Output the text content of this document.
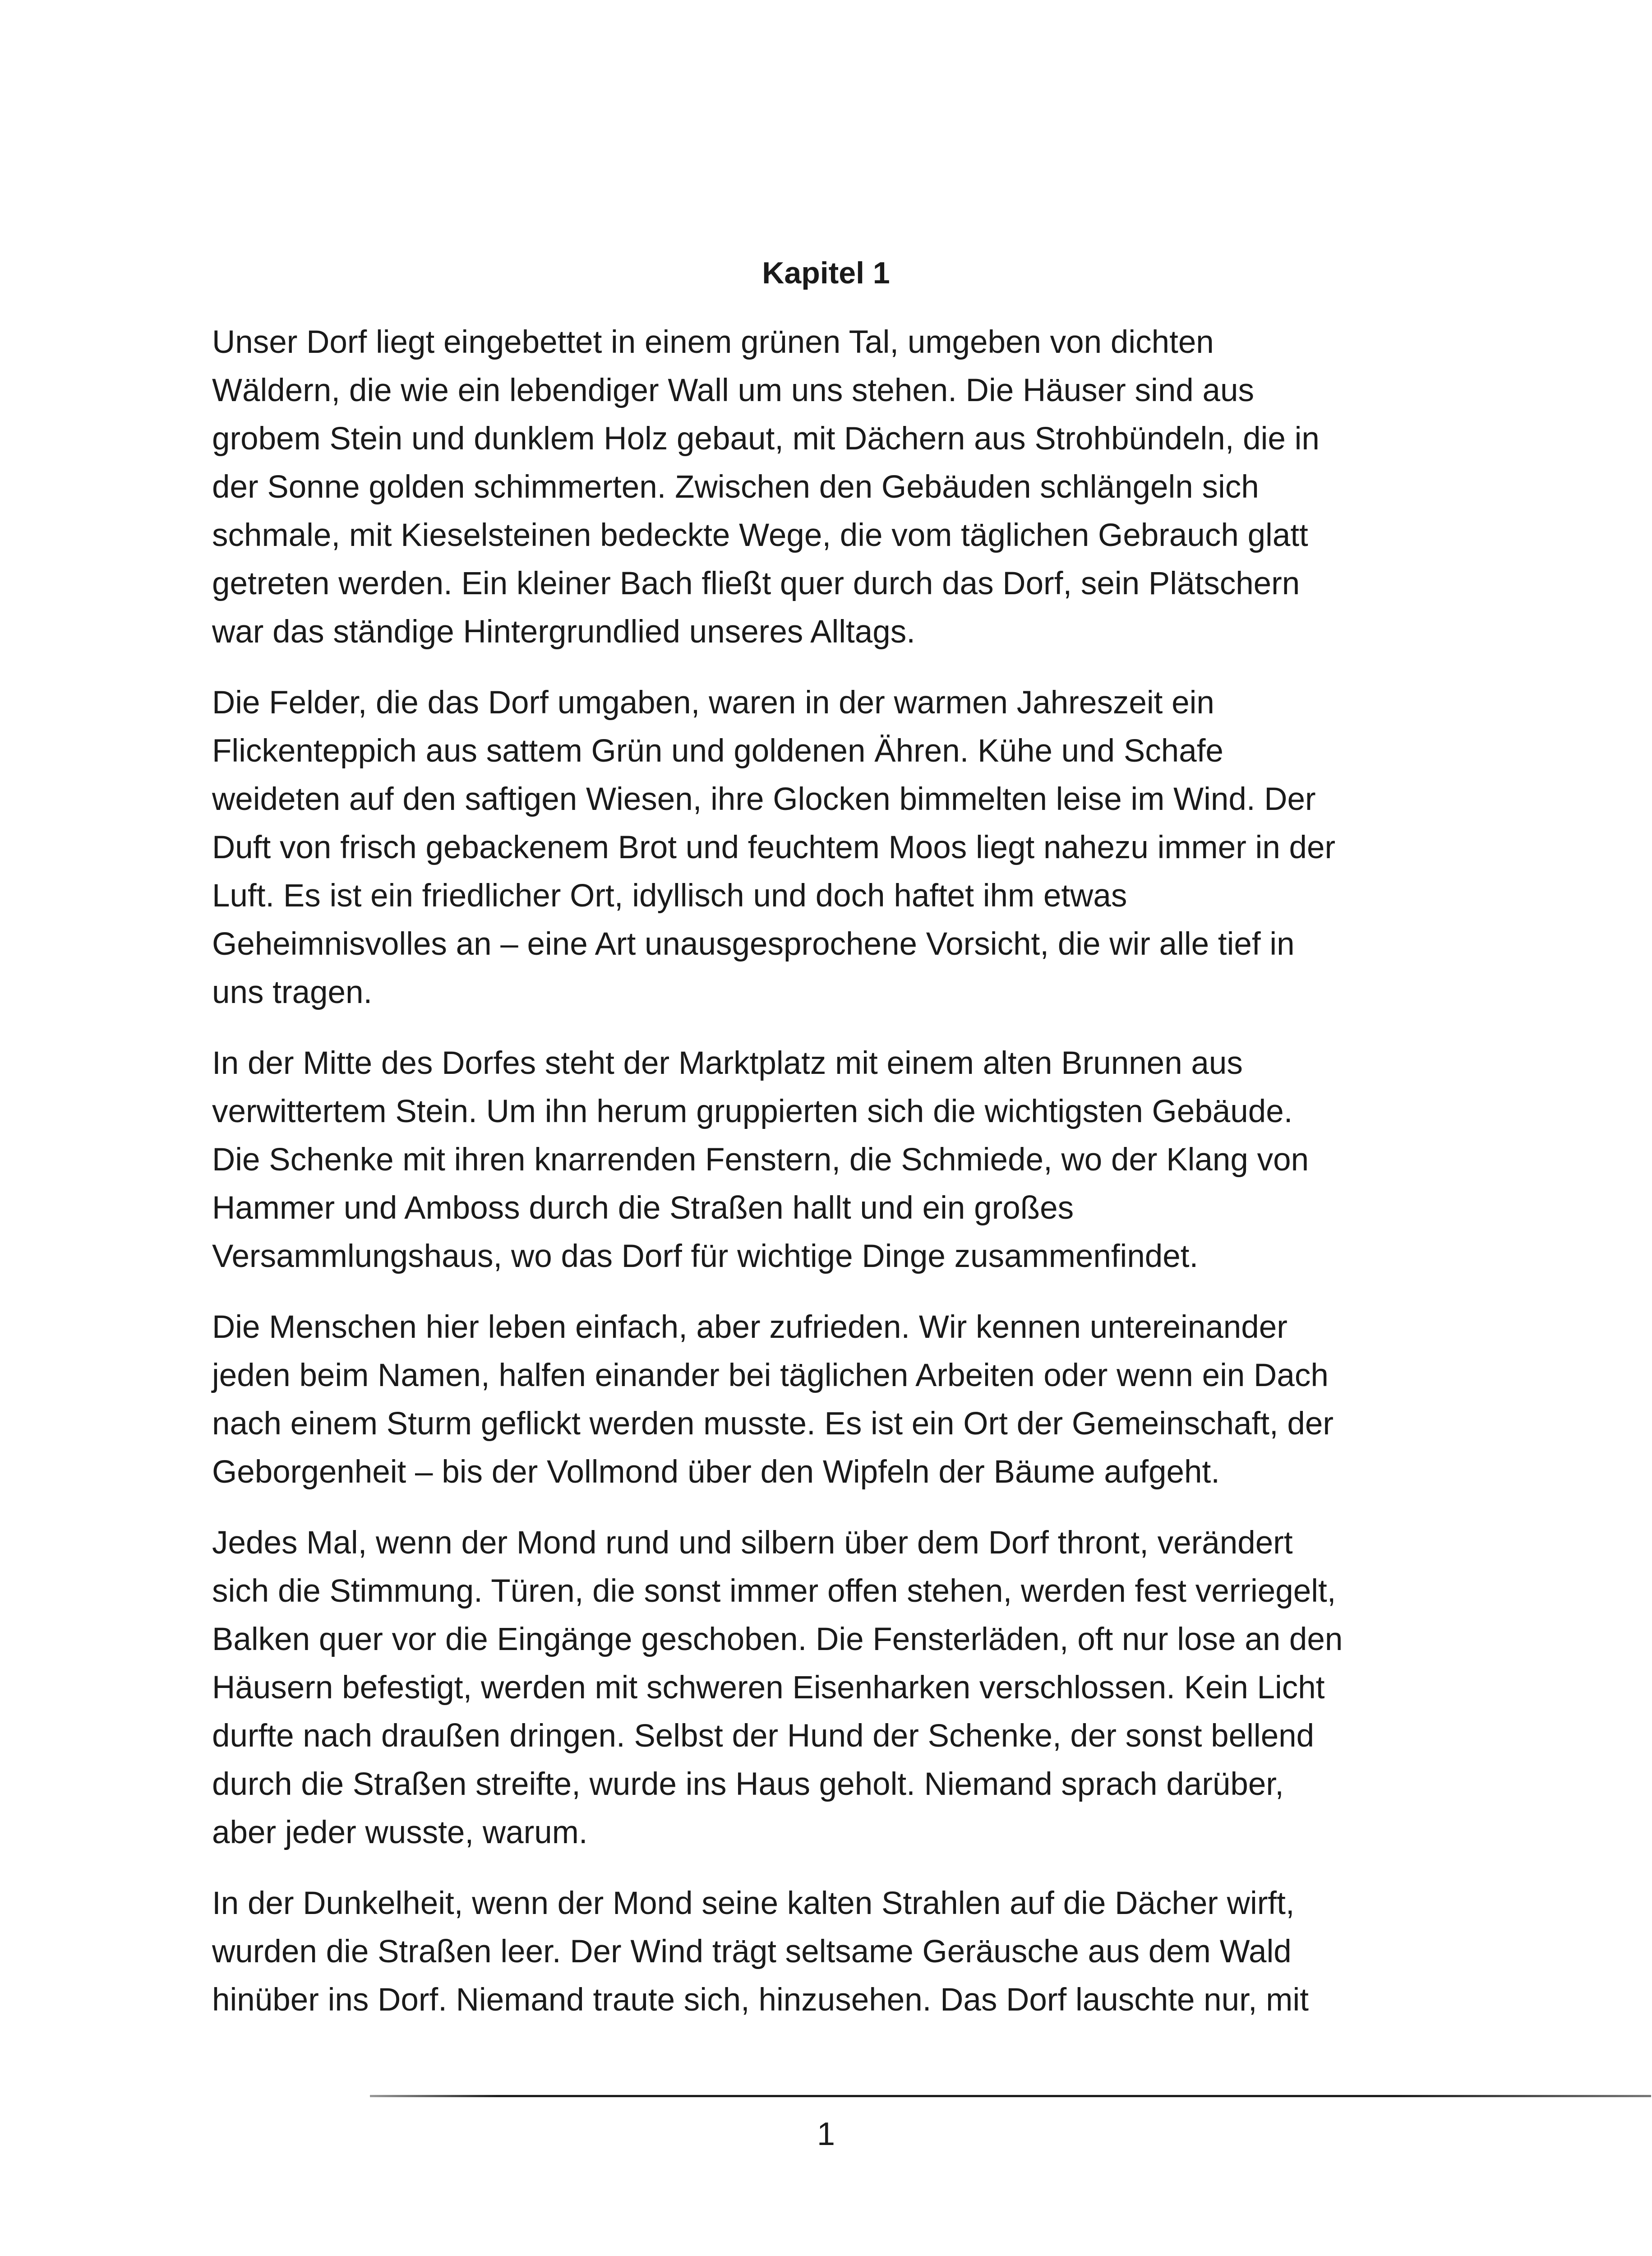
Kapitel 1

Unser Dorf liegt eingebettet in einem grünen Tal, umgeben von dichten
Wäldern, die wie ein lebendiger Wall um uns stehen. Die Häuser sind aus
grobem Stein und dunklem Holz gebaut, mit Dächern aus Strohbündeln, die in
der Sonne golden schimmerten. Zwischen den Gebäuden schlängeln sich
schmale, mit Kieselsteinen bedeckte Wege, die vom täglichen Gebrauch glatt
getreten werden. Ein kleiner Bach fließt quer durch das Dorf, sein Plätschern
war das ständige Hintergrundlied unseres Alltags.

Die Felder, die das Dorf umgaben, waren in der warmen Jahreszeit ein
Flickenteppich aus sattem Grün und goldenen Ähren. Kühe und Schafe
weideten auf den saftigen Wiesen, ihre Glocken bimmelten leise im Wind. Der
Duft von frisch gebackenem Brot und feuchtem Moos liegt nahezu immer in der
Luft. Es ist ein friedlicher Ort, idyllisch und doch haftet ihm etwas
Geheimnisvolles an – eine Art unausgesprochene Vorsicht, die wir alle tief in
uns tragen.

In der Mitte des Dorfes steht der Marktplatz mit einem alten Brunnen aus
verwittertem Stein. Um ihn herum gruppierten sich die wichtigsten Gebäude.
Die Schenke mit ihren knarrenden Fenstern, die Schmiede, wo der Klang von
Hammer und Amboss durch die Straßen hallt und ein großes
Versammlungshaus, wo das Dorf für wichtige Dinge zusammenfindet.

Die Menschen hier leben einfach, aber zufrieden. Wir kennen untereinander
jeden beim Namen, halfen einander bei täglichen Arbeiten oder wenn ein Dach
nach einem Sturm geflickt werden musste. Es ist ein Ort der Gemeinschaft, der
Geborgenheit – bis der Vollmond über den Wipfeln der Bäume aufgeht.

Jedes Mal, wenn der Mond rund und silbern über dem Dorf thront, verändert
sich die Stimmung. Türen, die sonst immer offen stehen, werden fest verriegelt,
Balken quer vor die Eingänge geschoben. Die Fensterläden, oft nur lose an den
Häusern befestigt, werden mit schweren Eisenharken verschlossen. Kein Licht
durfte nach draußen dringen. Selbst der Hund der Schenke, der sonst bellend
durch die Straßen streifte, wurde ins Haus geholt. Niemand sprach darüber,
aber jeder wusste, warum.

In der Dunkelheit, wenn der Mond seine kalten Strahlen auf die Dächer wirft,
wurden die Straßen leer. Der Wind trägt seltsame Geräusche aus dem Wald
hinüber ins Dorf. Niemand traute sich, hinzusehen. Das Dorf lauschte nur, mit

1
